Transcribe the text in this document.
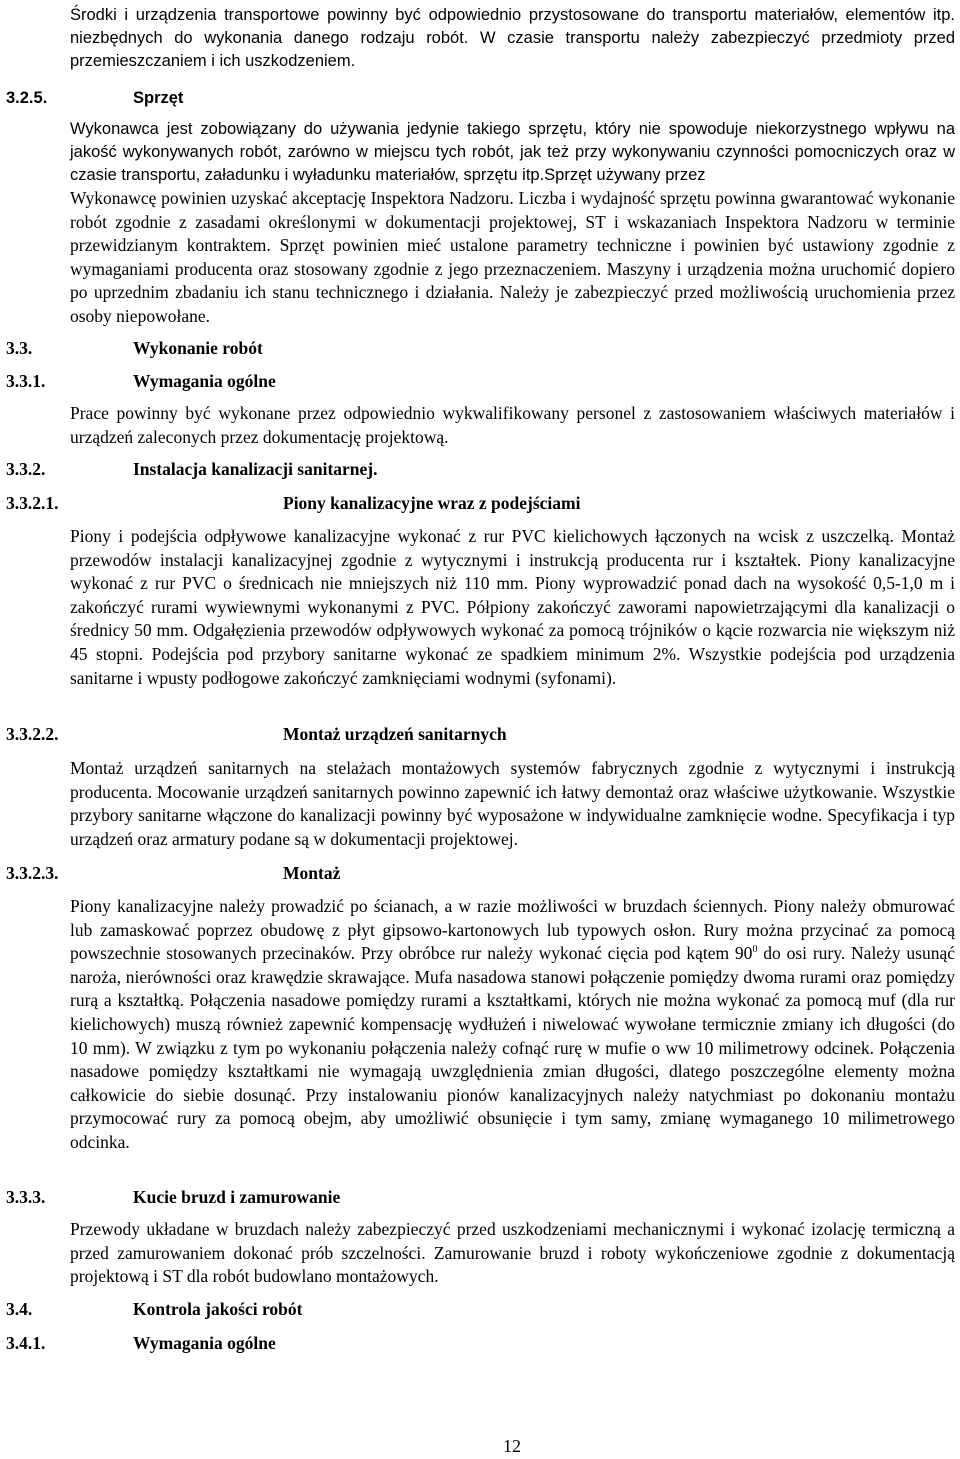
Środki i urządzenia transportowe powinny być odpowiednio przystosowane do transportu materiałów, elementów itp. niezbędnych do wykonania danego rodzaju robót. W czasie transportu należy zabezpieczyć przedmioty przed przemieszczaniem i ich uszkodzeniem.

3.2.5.	Sprzęt

Wykonawca jest zobowiązany do używania jedynie takiego sprzętu, który nie spowoduje niekorzystnego wpływu na jakość wykonywanych robót, zarówno w miejscu tych robót, jak też przy wykonywaniu czynności pomocniczych oraz w czasie transportu, załadunku i wyładunku materiałów, sprzętu itp.Sprzęt używany przez

Wykonawcę powinien uzyskać akceptację Inspektora Nadzoru. Liczba i wydajność sprzętu powinna gwarantować wykonanie robót zgodnie z zasadami określonymi w dokumentacji projektowej, ST i wskazaniach Inspektora Nadzoru w terminie przewidzianym kontraktem. Sprzęt powinien mieć ustalone parametry techniczne i powinien być ustawiony zgodnie z wymaganiami producenta oraz stosowany zgodnie z jego przeznaczeniem. Maszyny i urządzenia można uruchomić dopiero po uprzednim zbadaniu ich stanu technicznego i działania. Należy je zabezpieczyć przed możliwością uruchomienia przez osoby niepowołane.

3.3.	Wykonanie robót
3.3.1.	Wymagania ogólne

Prace powinny być wykonane przez odpowiednio wykwalifikowany personel z zastosowaniem właściwych materiałów i urządzeń zaleconych przez dokumentację projektową.

3.3.2.	Instalacja kanalizacji sanitarnej.
3.3.2.1.	Piony kanalizacyjne wraz z podejściami

Piony i podejścia odpływowe kanalizacyjne wykonać z rur PVC kielichowych łączonych na wcisk z uszczelką. Montaż przewodów instalacji kanalizacyjnej zgodnie z wytycznymi i instrukcją producenta rur i kształtek. Piony kanalizacyjne wykonać z rur PVC o średnicach nie mniejszych niż 110 mm. Piony wyprowadzić ponad dach na wysokość 0,5-1,0 m i zakończyć rurami wywiewnymi wykonanymi z PVC. Półpiony zakończyć zaworami napowietrzającymi dla kanalizacji o średnicy 50 mm. Odgałęzienia przewodów odpływowych wykonać za pomocą trójników o kącie rozwarcia nie większym niż 45 stopni. Podejścia pod przybory sanitarne wykonać ze spadkiem minimum 2%. Wszystkie podejścia pod urządzenia sanitarne i wpusty podłogowe zakończyć zamknięciami wodnymi (syfonami).

3.3.2.2.	Montaż urządzeń sanitarnych

Montaż urządzeń sanitarnych na stelażach montażowych systemów fabrycznych zgodnie z wytycznymi i instrukcją producenta. Mocowanie urządzeń sanitarnych powinno zapewnić ich łatwy demontaż oraz właściwe użytkowanie. Wszystkie przybory sanitarne włączone do kanalizacji powinny być wyposażone w indywidualne zamknięcie wodne. Specyfikacja i typ urządzeń oraz armatury podane są w dokumentacji projektowej.

3.3.2.3.	Montaż

Piony kanalizacyjne należy prowadzić po ścianach, a w razie możliwości w bruzdach ściennych. Piony należy obmurować lub zamaskować poprzez obudowę z płyt gipsowo-kartonowych lub typowych osłon. Rury można przycinać za pomocą powszechnie stosowanych przecinaków. Przy obróbce rur należy wykonać cięcia pod kątem $90^0$ do osi rury. Należy usunąć naroża, nierówności oraz krawędzie skrawające. Mufa nasadowa stanowi połączenie pomiędzy dwoma rurami oraz pomiędzy rurą a kształtką. Połączenia nasadowe pomiędzy rurami a kształtkami, których nie można wykonać za pomocą muf (dla rur kielichowych) muszą również zapewnić kompensację wydłużeń i niwelować wywołane termicznie zmiany ich długości (do 10 mm). W związku z tym po wykonaniu połączenia należy cofnąć rurę w mufie o ww 10 milimetrowy odcinek. Połączenia nasadowe pomiędzy kształtkami nie wymagają uwzględnienia zmian długości, dlatego poszczególne elementy można całkowicie do siebie dosunąć. Przy instalowaniu pionów kanalizacyjnych należy natychmiast po dokonaniu montażu przymocować rury za pomocą obejm, aby umożliwić obsunięcie i tym samy, zmianę wymaganego 10 milimetrowego odcinka.

3.3.3.	Kucie bruzd i zamurowanie

Przewody układane w bruzdach należy zabezpieczyć przed uszkodzeniami mechanicznymi i wykonać izolację termiczną a przed zamurowaniem dokonać prób szczelności. Zamurowanie bruzd i roboty wykończeniowe zgodnie z dokumentacją projektową i ST dla robót budowlano montażowych.

3.4.	Kontrola jakości robót
3.4.1.	Wymagania ogólne
12
